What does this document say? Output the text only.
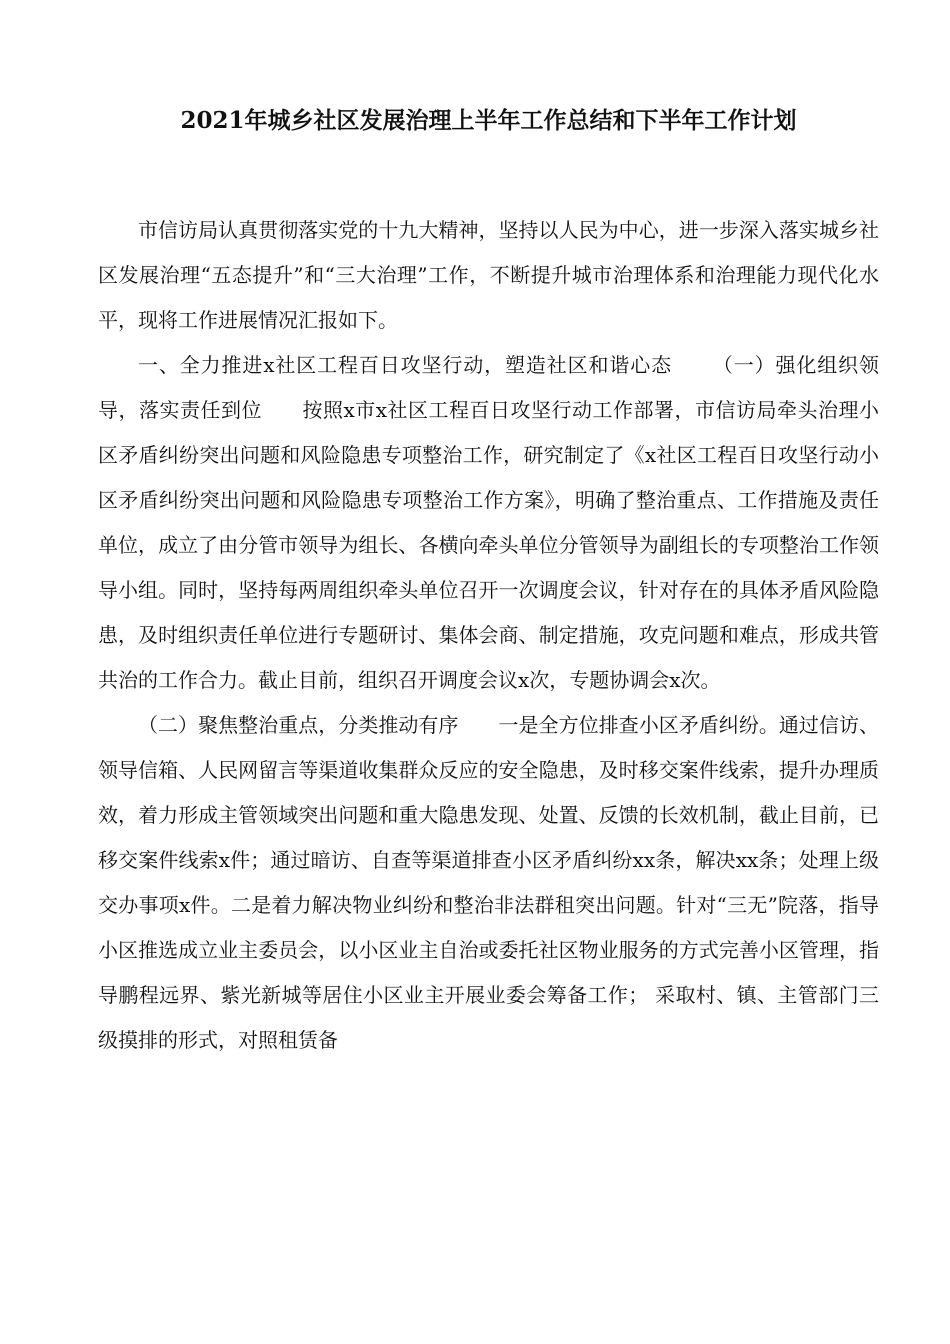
2021年城乡社区发展治理上半年工作总结和下半年工作计划

市信访局认真贯彻落实党的十九大精神，坚持以人民为中心，进一步深入落实城乡社区发展治理“五态提升”和“三大治理”工作，不断提升城市治理体系和治理能力现代化水平，现将工作进展情况汇报如下。

一、全力推进x社区工程百日攻坚行动，塑造社区和谐心态 （一）强化组织领导，落实责任到位 按照x市x社区工程百日攻坚行动工作部署，市信访局牵头治理小区矛盾纠纷突出问题和风险隐患专项整治工作，研究制定了《x社区工程百日攻坚行动小区矛盾纠纷突出问题和风险隐患专项整治工作方案》，明确了整治重点、工作措施及责任单位，成立了由分管市领导为组长、各横向牵头单位分管领导为副组长的专项整治工作领导小组。同时，坚持每两周组织牵头单位召开一次调度会议，针对存在的具体矛盾风险隐患，及时组织责任单位进行专题研讨、集体会商、制定措施，攻克问题和难点，形成共管共治的工作合力。截止目前，组织召开调度会议x次，专题协调会x次。

（二）聚焦整治重点，分类推动有序 一是全方位排查小区矛盾纠纷。通过信访、领导信箱、人民网留言等渠道收集群众反应的安全隐患，及时移交案件线索，提升办理质效，着力形成主管领域突出问题和重大隐患发现、处置、反馈的长效机制，截止目前，已移交案件线索x件；通过暗访、自查等渠道排查小区矛盾纠纷xx条，解决xx条；处理上级交办事项x件。二是着力解决物业纠纷和整治非法群租突出问题。针对“三无”院落，指导小区推选成立业主委员会，以小区业主自治或委托社区物业服务的方式完善小区管理，指导鹏程远界、紫光新城等居住小区业主开展业委会筹备工作； 采取村、镇、主管部门三级摸排的形式，对照租赁备
